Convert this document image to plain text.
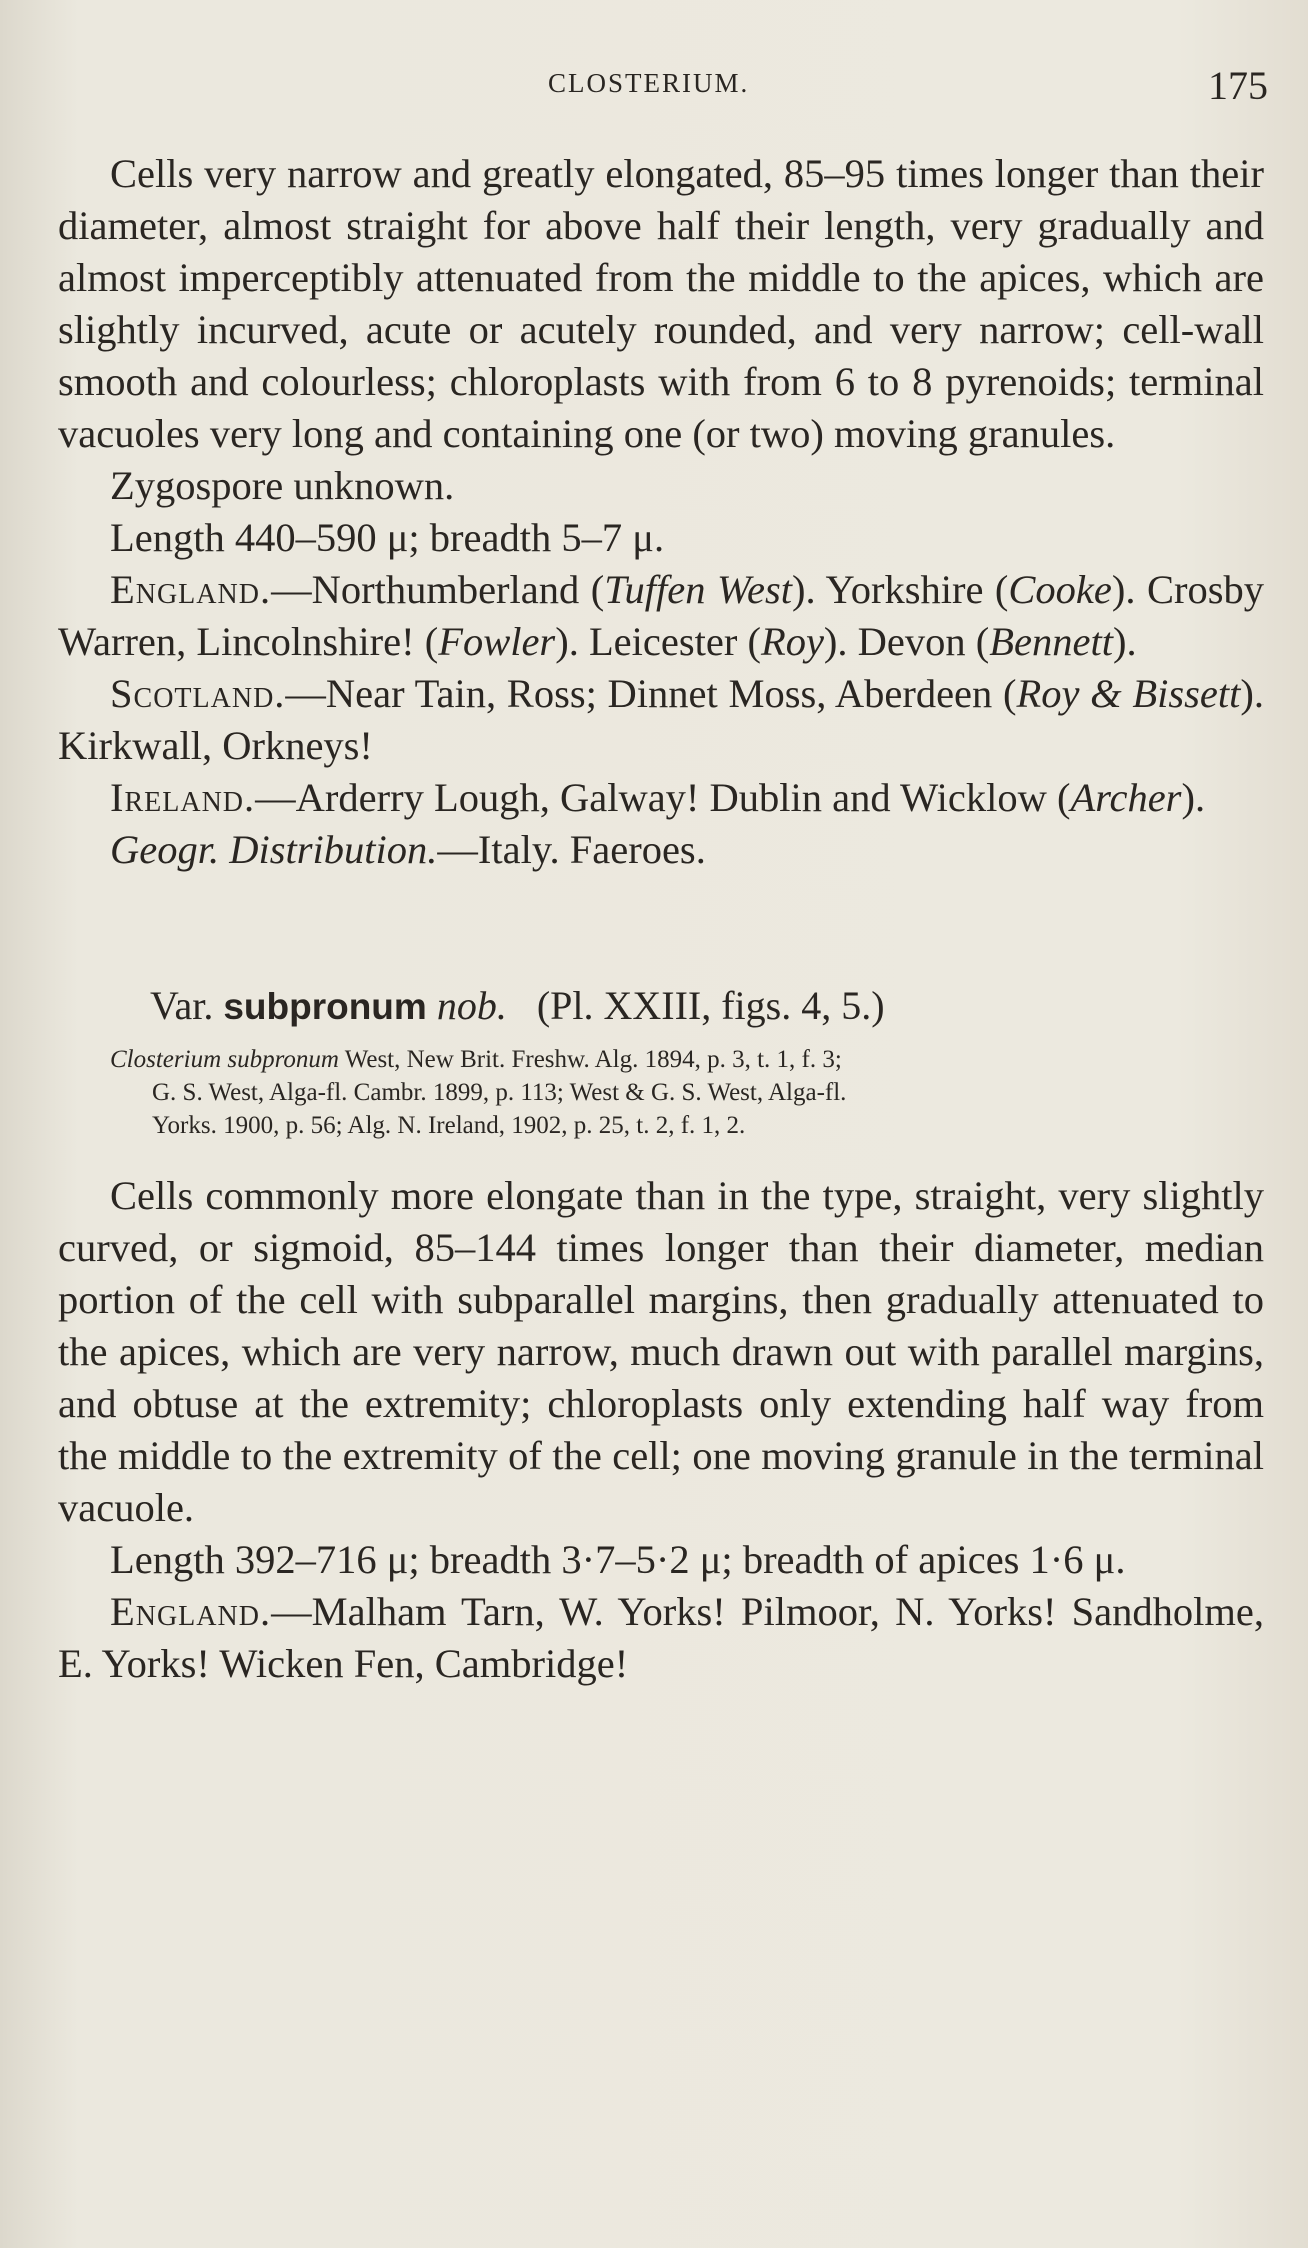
CLOSTERIUM.	175

Cells very narrow and greatly elongated, 85–95 times longer than their diameter, almost straight for above half their length, very gradually and almost imperceptibly attenuated from the middle to the apices, which are slightly incurved, acute or acutely rounded, and very narrow; cell-wall smooth and colourless; chloroplasts with from 6 to 8 pyrenoids; terminal vacuoles very long and containing one (or two) moving granules.

Zygospore unknown.

Length 440–590 μ; breadth 5–7 μ.

England.—Northumberland (Tuffen West). Yorkshire (Cooke). Crosby Warren, Lincolnshire! (Fowler). Leicester (Roy). Devon (Bennett).

Scotland.—Near Tain, Ross; Dinnet Moss, Aberdeen (Roy & Bissett). Kirkwall, Orkneys!

Ireland.—Arderry Lough, Galway! Dublin and Wicklow (Archer).

Geogr. Distribution.—Italy. Faeroes.

Var. subpronum nob. (Pl. XXIII, figs. 4, 5.)

Closterium subpronum West, New Brit. Freshw. Alg. 1894, p. 3, t. 1, f. 3;
G. S. West, Alga-fl. Cambr. 1899, p. 113; West & G. S. West, Alga-fl.
Yorks. 1900, p. 56; Alg. N. Ireland, 1902, p. 25, t. 2, f. 1, 2.

Cells commonly more elongate than in the type, straight, very slightly curved, or sigmoid, 85–144 times longer than their diameter, median portion of the cell with subparallel margins, then gradually attenuated to the apices, which are very narrow, much drawn out with parallel margins, and obtuse at the extremity; chloroplasts only extending half way from the middle to the extremity of the cell; one moving granule in the terminal vacuole.

Length 392–716 μ; breadth 3·7–5·2 μ; breadth of apices 1·6 μ.

England.—Malham Tarn, W. Yorks! Pilmoor, N. Yorks! Sandholme, E. Yorks! Wicken Fen, Cambridge!
